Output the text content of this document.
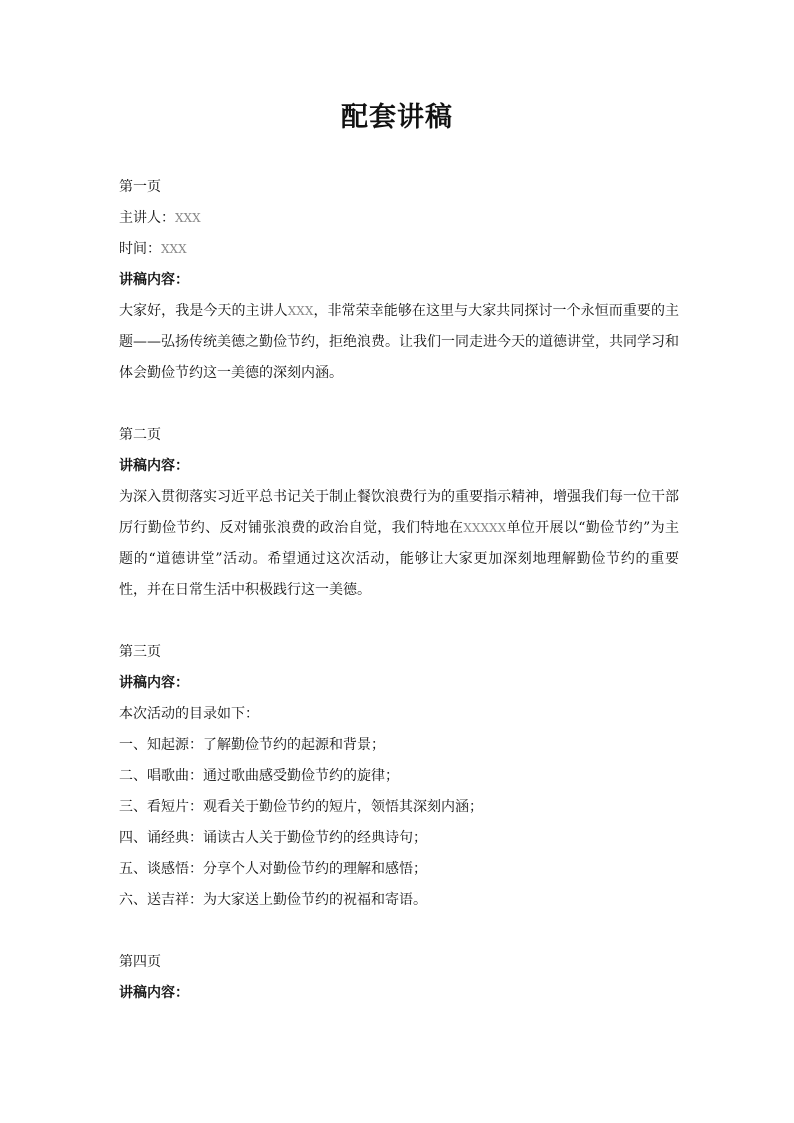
配套讲稿
第一页
主讲人：XXX
时间：XXX
讲稿内容：
大家好，我是今天的主讲人XXX，非常荣幸能够在这里与大家共同探讨一个永恒而重要的主题——弘扬传统美德之勤俭节约，拒绝浪费。让我们一同走进今天的道德讲堂，共同学习和体会勤俭节约这一美德的深刻内涵。
第二页
讲稿内容：
为深入贯彻落实习近平总书记关于制止餐饮浪费行为的重要指示精神，增强我们每一位干部厉行勤俭节约、反对铺张浪费的政治自觉，我们特地在XXXXX单位开展以“勤俭节约”为主题的“道德讲堂”活动。希望通过这次活动，能够让大家更加深刻地理解勤俭节约的重要性，并在日常生活中积极践行这一美德。
第三页
讲稿内容：
本次活动的目录如下：
一、知起源：了解勤俭节约的起源和背景；
二、唱歌曲：通过歌曲感受勤俭节约的旋律；
三、看短片：观看关于勤俭节约的短片，领悟其深刻内涵；
四、诵经典：诵读古人关于勤俭节约的经典诗句；
五、谈感悟：分享个人对勤俭节约的理解和感悟；
六、送吉祥：为大家送上勤俭节约的祝福和寄语。
第四页
讲稿内容：
